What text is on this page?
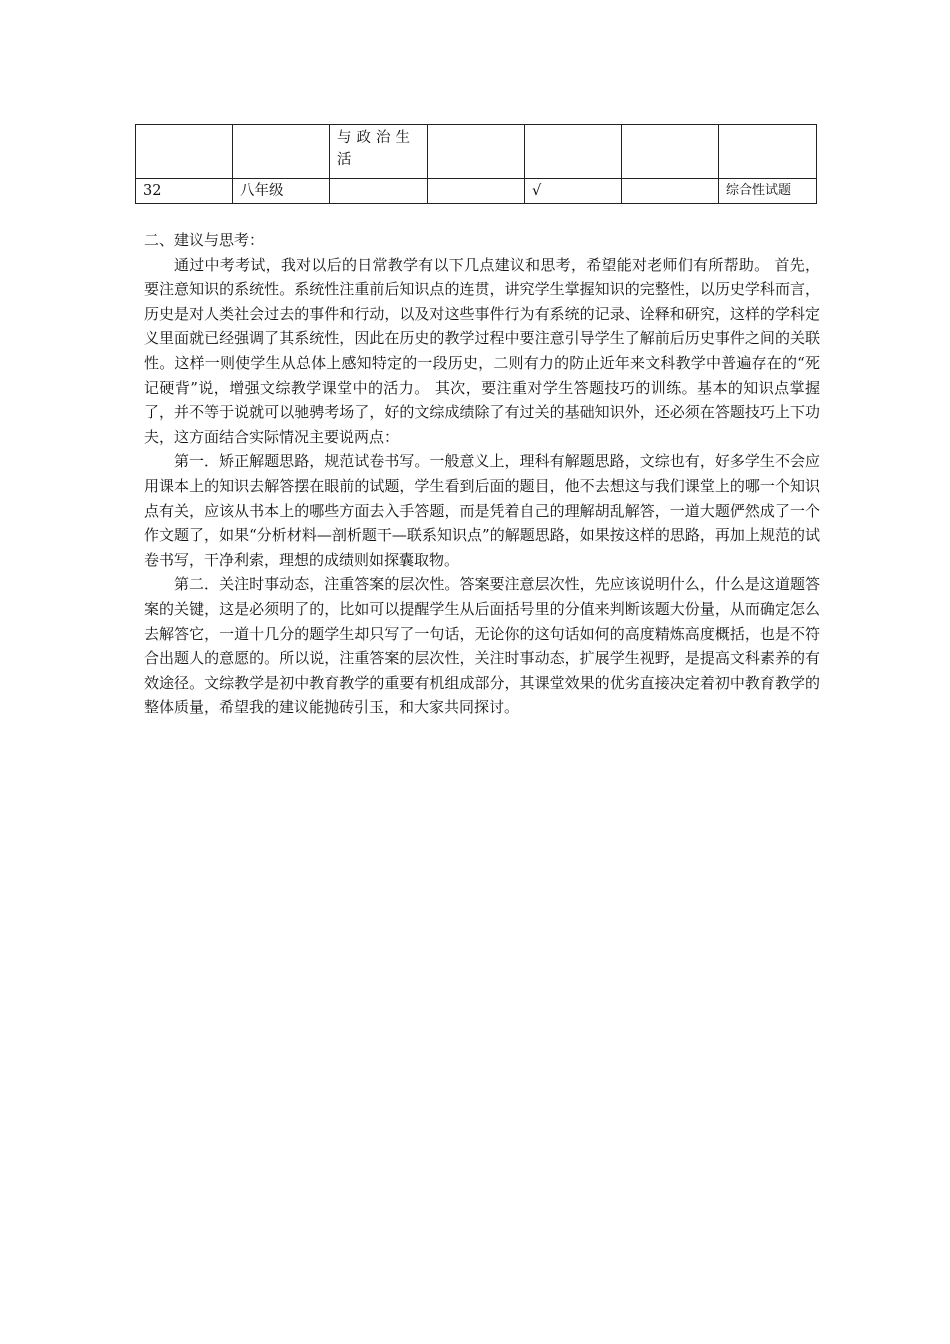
		与政治生活				
32	八年级			√		综合性试题

二、建议与思考：

通过中考考试，我对以后的日常教学有以下几点建议和思考，希望能对老师们有所帮助。 首先，要注意知识的系统性。系统性注重前后知识点的连贯，讲究学生掌握知识的完整性，以历史学科而言，历史是对人类社会过去的事件和行动，以及对这些事件行为有系统的记录、诠释和研究，这样的学科定义里面就已经强调了其系统性，因此在历史的教学过程中要注意引导学生了解前后历史事件之间的关联性。这样一则使学生从总体上感知特定的一段历史，二则有力的防止近年来文科教学中普遍存在的“死记硬背”说，增强文综教学课堂中的活力。 其次，要注重对学生答题技巧的训练。基本的知识点掌握了，并不等于说就可以驰骋考场了，好的文综成绩除了有过关的基础知识外，还必须在答题技巧上下功夫，这方面结合实际情况主要说两点：

第一．矫正解题思路，规范试卷书写。一般意义上，理科有解题思路，文综也有，好多学生不会应用课本上的知识去解答摆在眼前的试题，学生看到后面的题目，他不去想这与我们课堂上的哪一个知识点有关，应该从书本上的哪些方面去入手答题，而是凭着自己的理解胡乱解答，一道大题俨然成了一个作文题了，如果“分析材料—剖析题干—联系知识点”的解题思路，如果按这样的思路，再加上规范的试卷书写，干净利索，理想的成绩则如探囊取物。

第二．关注时事动态，注重答案的层次性。答案要注意层次性，先应该说明什么，什么是这道题答案的关键，这是必须明了的，比如可以提醒学生从后面括号里的分值来判断该题大份量，从而确定怎么去解答它，一道十几分的题学生却只写了一句话，无论你的这句话如何的高度精炼高度概括，也是不符合出题人的意愿的。所以说，注重答案的层次性，关注时事动态，扩展学生视野，是提高文科素养的有效途径。文综教学是初中教育教学的重要有机组成部分，其课堂效果的优劣直接决定着初中教育教学的整体质量，希望我的建议能抛砖引玉，和大家共同探讨。
